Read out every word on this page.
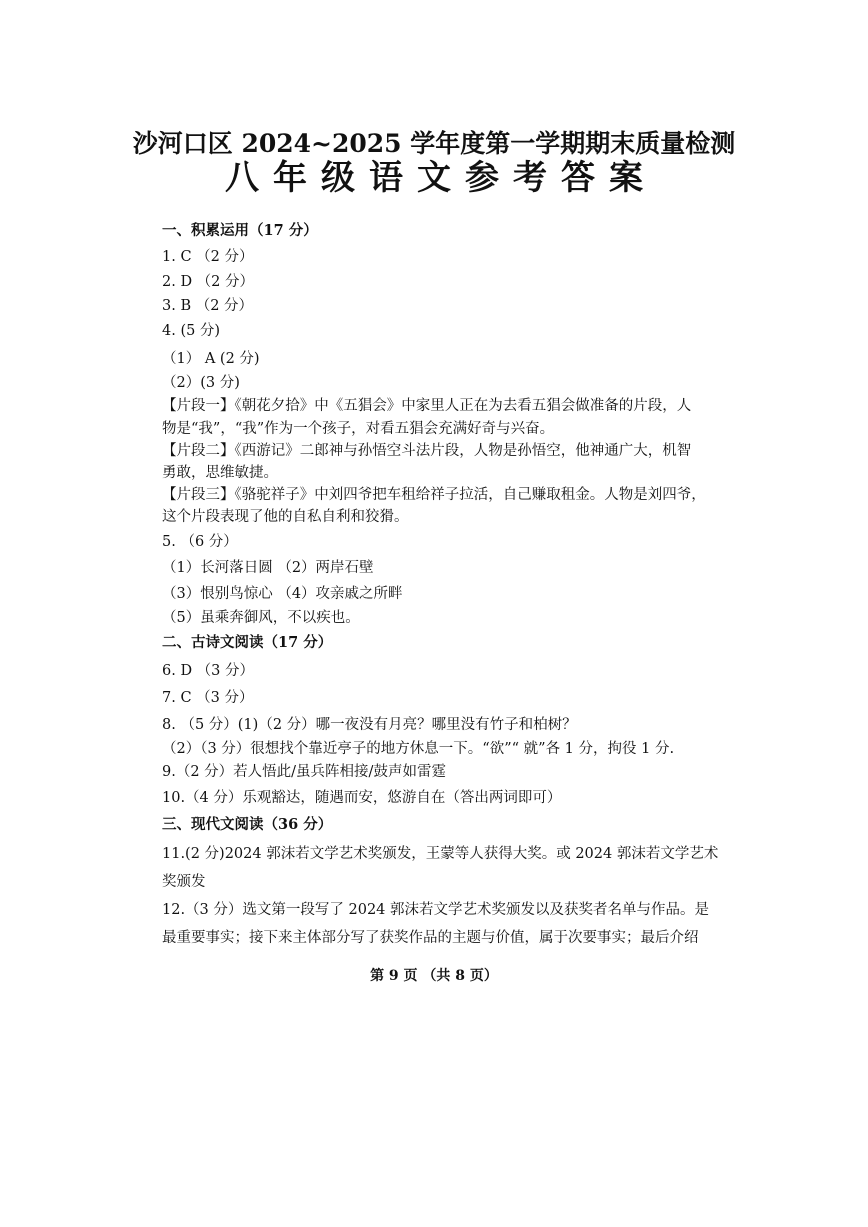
沙河口区 2024~2025 学年度第一学期期末质量检测
八年级语文参考答案
一、积累运用（17 分）
1. C （2 分）
2. D （2 分）
3. B （2 分）
4. (5 分)
（1） A (2 分)
（2）(3 分)
【片段一】《朝花夕拾》中《五猖会》中家里人正在为去看五猖会做准备的片段，人
物是“我”，“我”作为一个孩子，对看五猖会充满好奇与兴奋。
【片段二】《西游记》二郎神与孙悟空斗法片段，人物是孙悟空，他神通广大，机智
勇敢，思维敏捷。
【片段三】《骆驼祥子》中刘四爷把车租给祥子拉活，自己赚取租金。人物是刘四爷，
这个片段表现了他的自私自利和狡猾。
5. （6 分）
（1）长河落日圆 （2）两岸石壁
（3）恨别鸟惊心 （4）攻亲戚之所畔
（5）虽乘奔御风，不以疾也。
二、古诗文阅读（17 分）
6. D （3 分）
7. C （3 分）
8. （5 分）(1)（2 分）哪一夜没有月亮？哪里没有竹子和柏树？
（2）（3 分）很想找个靠近亭子的地方休息一下。“欲”“ 就”各 1 分，拘役 1 分.
9.（2 分）若人悟此/虽兵阵相接/鼓声如雷霆
10.（4 分）乐观豁达，随遇而安，悠游自在（答出两词即可）
三、现代文阅读（36 分）
11.(2 分)2024 郭沫若文学艺术奖颁发，王蒙等人获得大奖。或 2024 郭沫若文学艺术
奖颁发
12.（3 分）选文第一段写了 2024 郭沫若文学艺术奖颁发以及获奖者名单与作品。是
最重要事实；接下来主体部分写了获奖作品的主题与价值，属于次要事实；最后介绍
第 9 页 （共 8 页）
